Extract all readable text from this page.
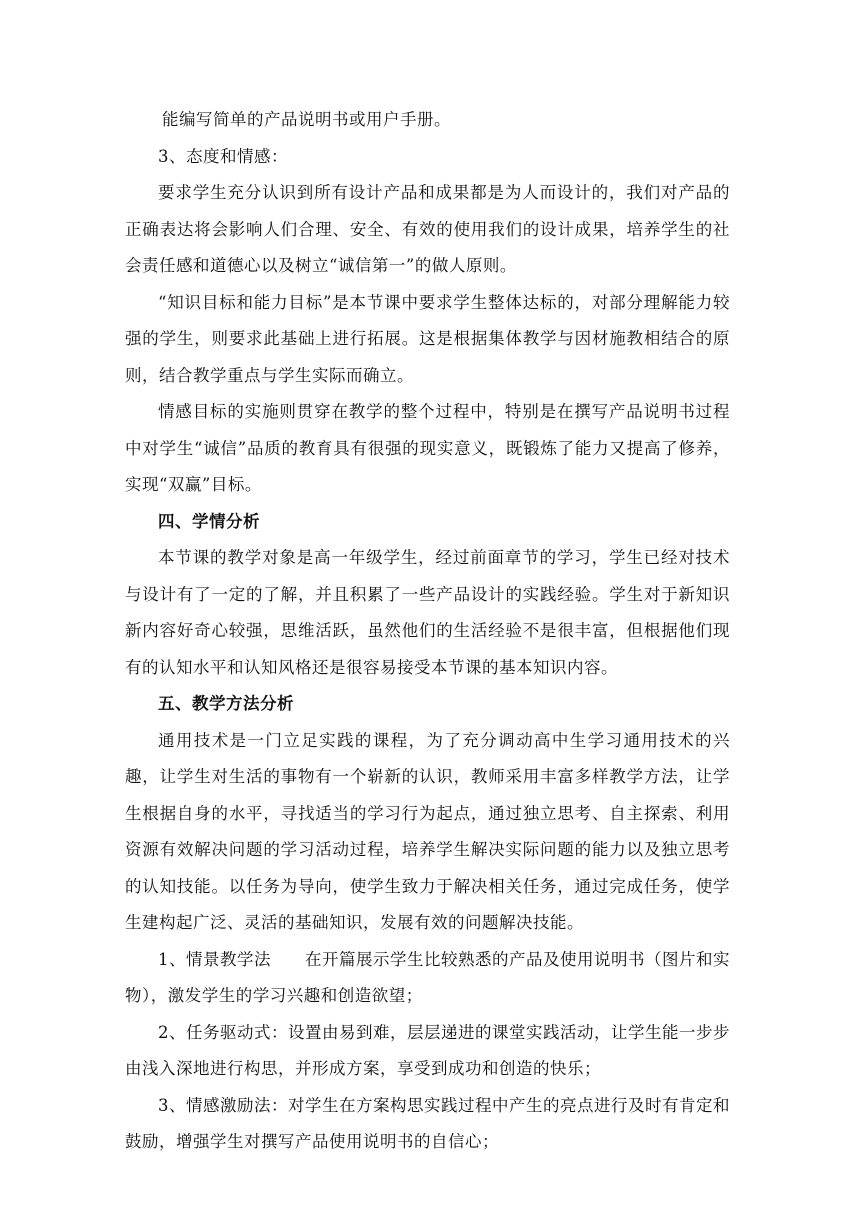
能编写简单的产品说明书或用户手册。

3、态度和情感：

要求学生充分认识到所有设计产品和成果都是为人而设计的，我们对产品的正确表达将会影响人们合理、安全、有效的使用我们的设计成果，培养学生的社会责任感和道德心以及树立“诚信第一”的做人原则。

“知识目标和能力目标”是本节课中要求学生整体达标的，对部分理解能力较强的学生，则要求此基础上进行拓展。这是根据集体教学与因材施教相结合的原则，结合教学重点与学生实际而确立。

情感目标的实施则贯穿在教学的整个过程中，特别是在撰写产品说明书过程中对学生“诚信”品质的教育具有很强的现实意义，既锻炼了能力又提高了修养，实现“双赢”目标。

四、学情分析

本节课的教学对象是高一年级学生，经过前面章节的学习，学生已经对技术与设计有了一定的了解，并且积累了一些产品设计的实践经验。学生对于新知识新内容好奇心较强，思维活跃，虽然他们的生活经验不是很丰富，但根据他们现有的认知水平和认知风格还是很容易接受本节课的基本知识内容。

五、教学方法分析

通用技术是一门立足实践的课程，为了充分调动高中生学习通用技术的兴趣，让学生对生活的事物有一个崭新的认识，教师采用丰富多样教学方法，让学生根据自身的水平，寻找适当的学习行为起点，通过独立思考、自主探索、利用资源有效解决问题的学习活动过程，培养学生解决实际问题的能力以及独立思考的认知技能。以任务为导向，使学生致力于解决相关任务，通过完成任务，使学生建构起广泛、灵活的基础知识，发展有效的问题解决技能。

1、情景教学法　　在开篇展示学生比较熟悉的产品及使用说明书（图片和实物），激发学生的学习兴趣和创造欲望；

2、任务驱动式：设置由易到难，层层递进的课堂实践活动，让学生能一步步由浅入深地进行构思，并形成方案，享受到成功和创造的快乐；

3、情感激励法：对学生在方案构思实践过程中产生的亮点进行及时有肯定和鼓励，增强学生对撰写产品使用说明书的自信心；
